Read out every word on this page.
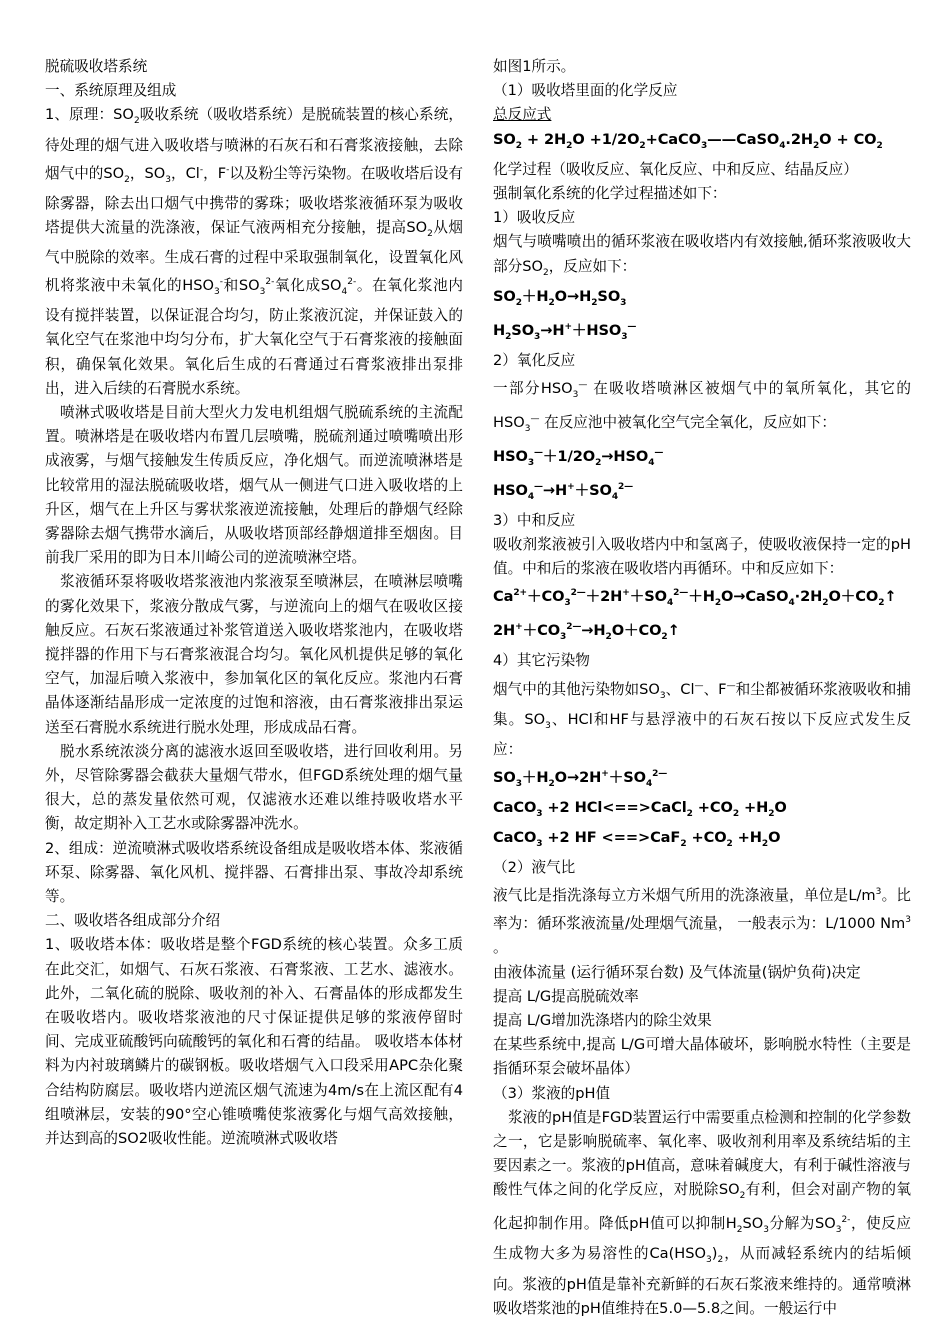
脱硫吸收塔系统

一、系统原理及组成

1、原理：$SO_2$吸收系统（吸收塔系统）是脱硫装置的核心系统，待处理的烟气进入吸收塔与喷淋的石灰石和石膏浆液接触，去除烟气中的$SO_2$，$SO_3$，Cl-，F-以及粉尘等污染物。在吸收塔后设有除雾器，除去出口烟气中携带的雾珠；吸收塔浆液循环泵为吸收塔提供大流量的洗涤液，保证气液两相充分接触，提高$SO_2$从烟气中脱除的效率。生成石膏的过程中采取强制氧化，设置氧化风机将浆液中未氧化的$HSO_3^-$和$SO_3^{2-}$氧化成$SO_4^{2-}$。在氧化浆池内设有搅拌装置，以保证混合均匀，防止浆液沉淀，并保证鼓入的氧化空气在浆池中均匀分布，扩大氧化空气于石膏浆液的接触面积，确保氧化效果。氧化后生成的石膏通过石膏浆液排出泵排出，进入后续的石膏脱水系统。

喷淋式吸收塔是目前大型火力发电机组烟气脱硫系统的主流配置。喷淋塔是在吸收塔内布置几层喷嘴，脱硫剂通过喷嘴喷出形成液雾，与烟气接触发生传质反应，净化烟气。而逆流喷淋塔是比较常用的湿法脱硫吸收塔，烟气从一侧进气口进入吸收塔的上升区，烟气在上升区与雾状浆液逆流接触，处理后的静烟气经除雾器除去烟气携带水滴后，从吸收塔顶部经静烟道排至烟囱。目前我厂采用的即为日本川崎公司的逆流喷淋空塔。

浆液循环泵将吸收塔浆液池内浆液泵至喷淋层，在喷淋层喷嘴的雾化效果下，浆液分散成气雾，与逆流向上的烟气在吸收区接触反应。石灰石浆液通过补浆管道送入吸收塔浆池内，在吸收塔搅拌器的作用下与石膏浆液混合均匀。氧化风机提供足够的氧化空气，加湿后喷入浆液中，参加氧化区的氧化反应。浆池内石膏晶体逐渐结晶形成一定浓度的过饱和溶液，由石膏浆液排出泵运送至石膏脱水系统进行脱水处理，形成成品石膏。

脱水系统浓淡分离的滤液水返回至吸收塔，进行回收利用。另外，尽管除雾器会截获大量烟气带水，但FGD系统处理的烟气量很大，总的蒸发量依然可观，仅滤液水还难以维持吸收塔水平衡，故定期补入工艺水或除雾器冲洗水。

2、组成：逆流喷淋式吸收塔系统设备组成是吸收塔本体、浆液循环泵、除雾器、氧化风机、搅拌器、石膏排出泵、事故冷却系统等。

二、吸收塔各组成部分介绍

1、吸收塔本体：吸收塔是整个FGD系统的核心装置。众多工质在此交汇，如烟气、石灰石浆液、石膏浆液、工艺水、滤液水。此外，二氧化硫的脱除、吸收剂的补入、石膏晶体的形成都发生在吸收塔内。吸收塔浆液池的尺寸保证提供足够的浆液停留时间、完成亚硫酸钙向硫酸钙的氧化和石膏的结晶。 吸收塔本体材料为内衬玻璃鳞片的碳钢板。吸收塔烟气入口段采用APC杂化聚合结构防腐层。吸收塔内逆流区烟气流速为4m/s在上流区配有4组喷淋层，安装的90°空心锥喷嘴使浆液雾化与烟气高效接触，并达到高的SO2吸收性能。逆流喷淋式吸收塔

如图1所示。

（1）吸收塔里面的化学反应

总反应式

$SO_2 + 2H_2O$ $+1/2O_2+CaCO_3——CaSO_4.2H_2O + CO_2$

化学过程（吸收反应、氧化反应、中和反应、结晶反应）

强制氧化系统的化学过程描述如下：

1）吸收反应

烟气与喷嘴喷出的循环浆液在吸收塔内有效接触,循环浆液吸收大部分$SO_2$，反应如下：

$SO_2+H_2O\to H_2SO_3$

$H_2SO_3\to H^++HSO_3^—$

2）氧化反应

一部分$HSO_3^—$ 在吸收塔喷淋区被烟气中的氧所氧化，其它的$HSO_3^—$ 在反应池中被氧化空气完全氧化，反应如下：

$HSO_3^—+1/2O_2\to HSO_4^—$

$HSO_4^—\to H^++SO_4^{2—}$

3）中和反应

吸收剂浆液被引入吸收塔内中和氢离子，使吸收液保持一定的pH值。中和后的浆液在吸收塔内再循环。中和反应如下：

$Ca^{2+}+CO_3^{2—}+2H^++SO_4^{2—}+H_2O\to CaSO_4\cdot 2H_2O+CO_2↑$

$2H^++CO_3^{2—}\to H_2O+CO_2↑$

4）其它污染物

烟气中的其他污染物如$SO_3$、Cl—、F—和尘都被循环浆液吸收和捕集。$SO_3$、HCl和HF与悬浮液中的石灰石按以下反应式发生反应：

$SO_3+H_2O\to 2H^++SO_4^{2—}$

CaCO$_3$ +2 HCl<==>CaCl$_2$ $+CO_2 +H_2O$

CaCO$_3$ +2 HF $<==>CaF_2 +CO_2 +H_2O$

（2）液气比

液气比是指洗涤每立方米烟气所用的洗涤液量，单位是$L/m^3$。比率为：循环浆液流量/处理烟气流量， 一般表示为：L/1000 Nm$^3$ 。

由液体流量 (运行循环泵台数) 及气体流量(锅炉负荷)决定

提高 L/G提高脱硫效率

提高 L/G增加洗涤塔内的除尘效果

在某些系统中,提高 L/G可增大晶体破坏，影响脱水特性（主要是指循环泵会破坏晶体）

（3）浆液的pH值

浆液的pH值是FGD装置运行中需要重点检测和控制的化学参数之一，它是影响脱硫率、氧化率、吸收剂利用率及系统结垢的主要因素之一。浆液的pH值高，意味着碱度大，有利于碱性溶液与酸性气体之间的化学反应，对脱除$SO_2$有利，但会对副产物的氧化起抑制作用。降低pH值可以抑制$H_2SO_3$分解为$SO_3^{2-}$，使反应生成物大多为易溶性的$Ca(HSO_3)_2$，从而减轻系统内的结垢倾向。浆液的pH值是靠补充新鲜的石灰石浆液来维持的。通常喷淋吸收塔浆池的pH值维持在5.0—5.8之间。一般运行中
